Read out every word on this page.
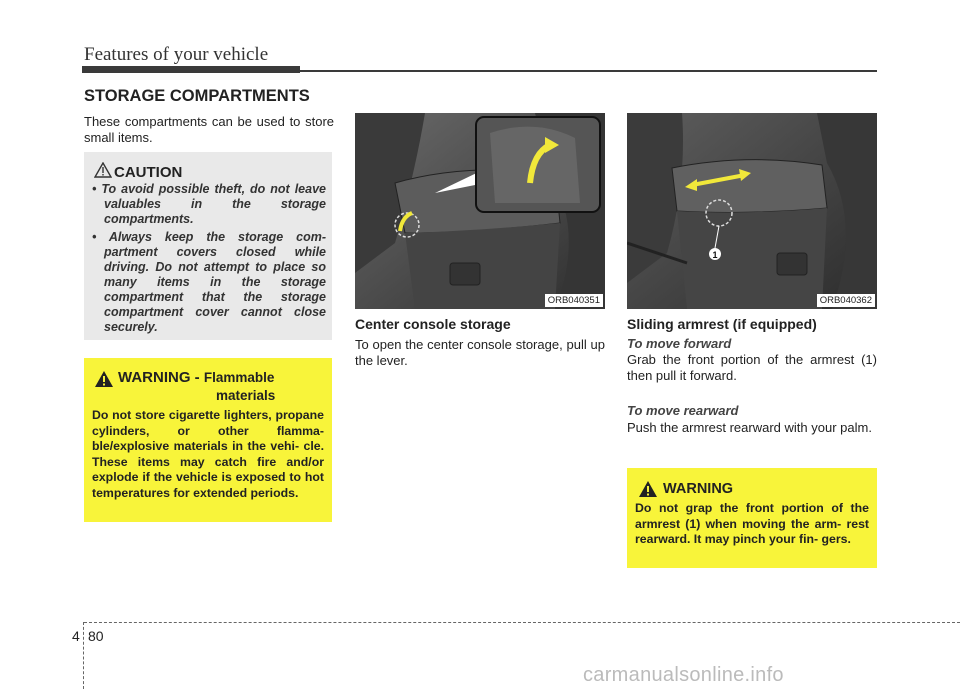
Features of your vehicle
STORAGE COMPARTMENTS
These compartments can be used to store small items.
CAUTION
• To avoid possible theft, do not leave valuables in the storage compartments.
• Always keep the storage com- partment covers closed while driving. Do not attempt to place so many items in the storage compartment that the storage compartment cover cannot close securely.
WARNING - Flammable
materials
Do not store cigarette lighters, propane cylinders, or other flamma- ble/explosive materials in the vehi- cle. These items may catch fire and/or explode if the vehicle is exposed to hot temperatures for extended periods.
ORB040351
Center console storage
To open the center console storage, pull up the lever.
1
ORB040362
Sliding armrest (if equipped)
To move forward
Grab the front portion of the armrest (1) then pull it forward.
To move rearward
Push the armrest rearward with your palm.
WARNING
Do not grap the front portion of the armrest (1) when moving the arm- rest rearward. It may pinch your fin- gers.
4 80
carmanualsonline.info
